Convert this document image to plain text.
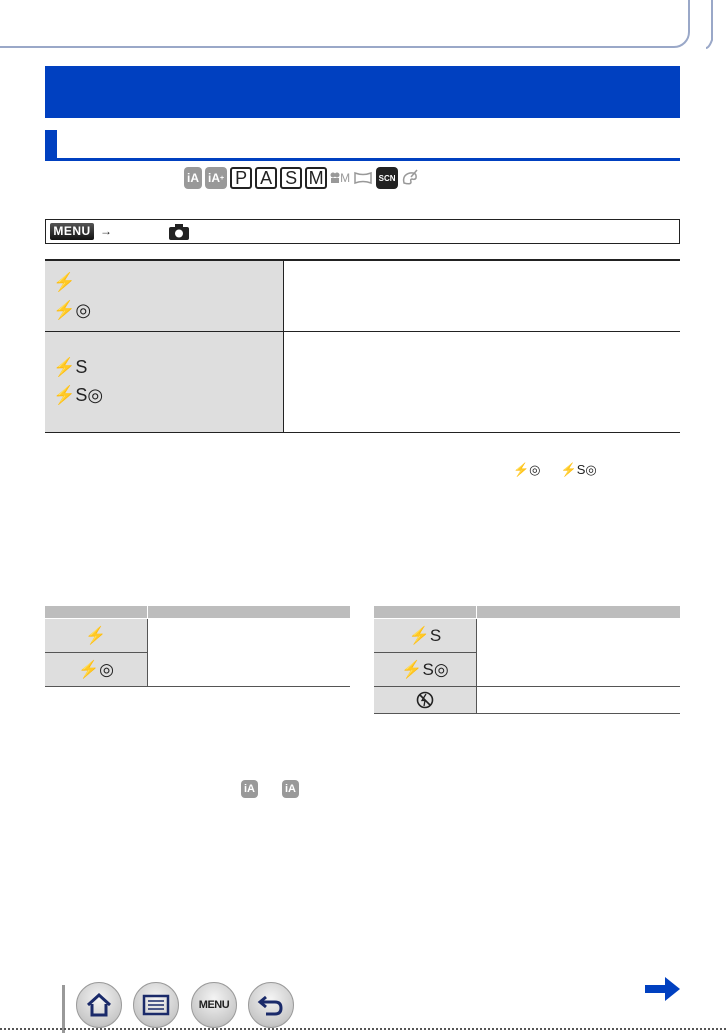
iA iA + P A S M M	SCN
MENU →
⚡
⚡◎
⚡S
⚡S◎
⚡◎ ⚡S◎
⚡
⚡◎
⚡S
⚡S◎
iA	iA
MENU
